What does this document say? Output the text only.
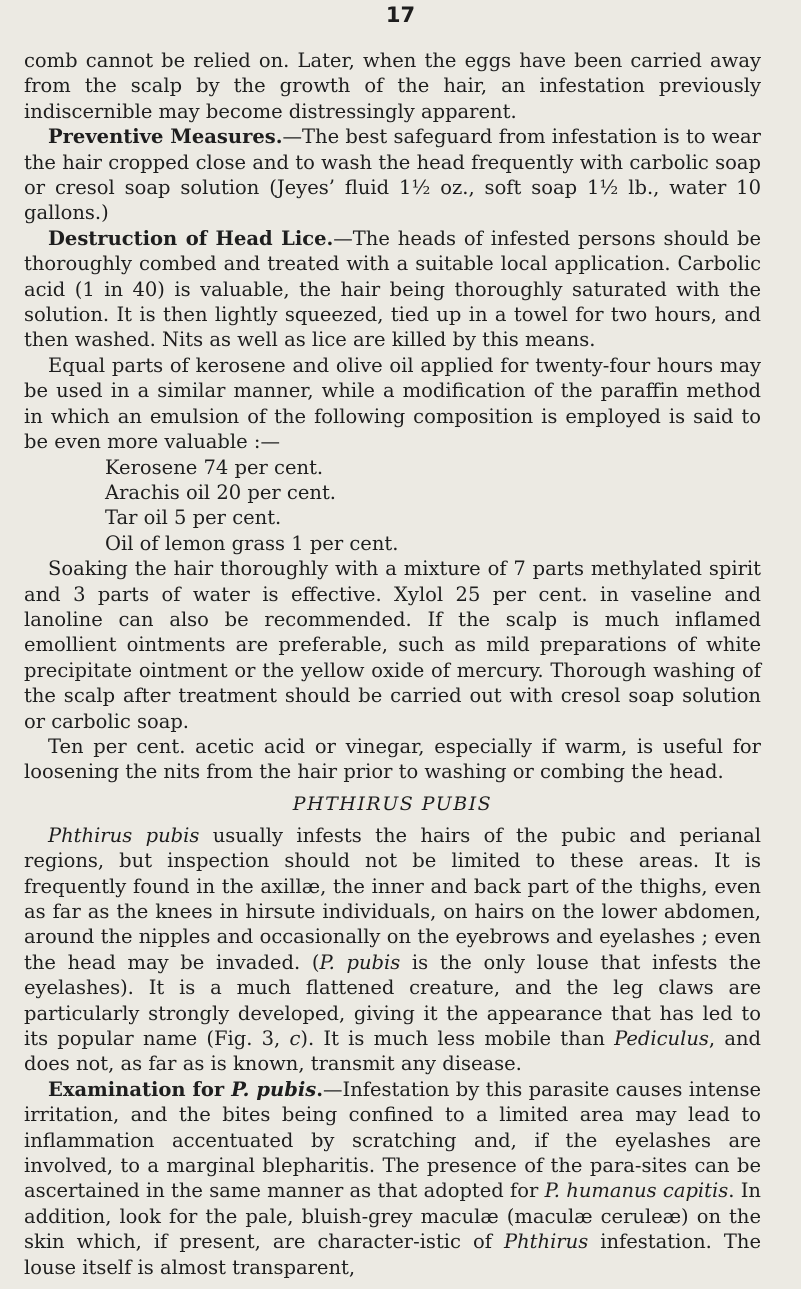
17

comb cannot be relied on. Later, when the eggs have been carried away from the scalp by the growth of the hair, an infestation previously indiscernible may become distressingly apparent.

Preventive Measures.—The best safeguard from infestation is to wear the hair cropped close and to wash the head frequently with carbolic soap or cresol soap solution (Jeyes’ fluid 1½ oz., soft soap 1½ lb., water 10 gallons.)

Destruction of Head Lice.—The heads of infested persons should be thoroughly combed and treated with a suitable local application. Carbolic acid (1 in 40) is valuable, the hair being thoroughly saturated with the solution. It is then lightly squeezed, tied up in a towel for two hours, and then washed. Nits as well as lice are killed by this means.

Equal parts of kerosene and olive oil applied for twenty-four hours may be used in a similar manner, while a modification of the paraffin method in which an emulsion of the following composition is employed is said to be even more valuable :—

Kerosene 74 per cent.
Arachis oil 20 per cent.
Tar oil 5 per cent.
Oil of lemon grass 1 per cent.

Soaking the hair thoroughly with a mixture of 7 parts methylated spirit and 3 parts of water is effective. Xylol 25 per cent. in vaseline and lanoline can also be recommended. If the scalp is much inflamed emollient ointments are preferable, such as mild preparations of white precipitate ointment or the yellow oxide of mercury. Thorough washing of the scalp after treatment should be carried out with cresol soap solution or carbolic soap.

Ten per cent. acetic acid or vinegar, especially if warm, is useful for loosening the nits from the hair prior to washing or combing the head.

PHTHIRUS PUBIS

Phthirus pubis usually infests the hairs of the pubic and perianal regions, but inspection should not be limited to these areas. It is frequently found in the axillæ, the inner and back part of the thighs, even as far as the knees in hirsute individuals, on hairs on the lower abdomen, around the nipples and occasionally on the eyebrows and eyelashes ; even the head may be invaded. (P. pubis is the only louse that infests the eyelashes). It is a much flattened creature, and the leg claws are particularly strongly developed, giving it the appearance that has led to its popular name (Fig. 3, c). It is much less mobile than Pediculus, and does not, as far as is known, transmit any disease.

Examination for P. pubis.—Infestation by this parasite causes intense irritation, and the bites being confined to a limited area may lead to inflammation accentuated by scratching and, if the eyelashes are involved, to a marginal blepharitis. The presence of the para-sites can be ascertained in the same manner as that adopted for P. humanus capitis. In addition, look for the pale, bluish-grey maculæ (maculæ ceruleæ) on the skin which, if present, are character-istic of Phthirus infestation. The louse itself is almost transparent,
